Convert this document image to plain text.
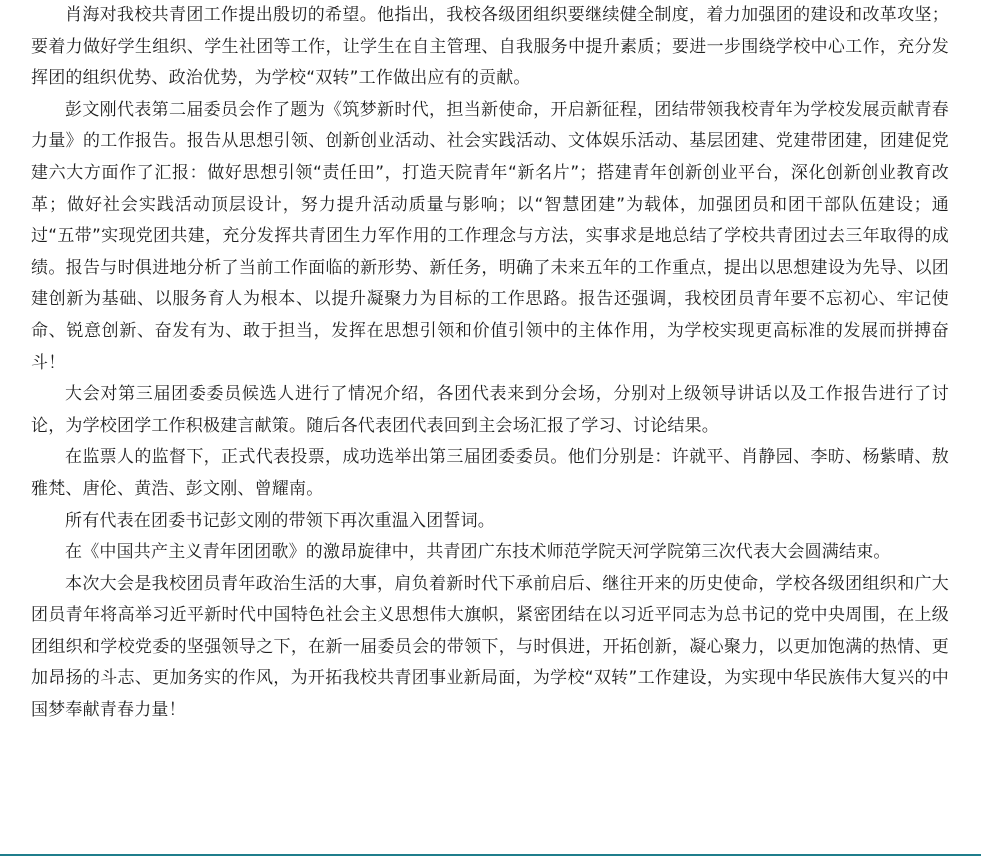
肖海对我校共青团工作提出殷切的希望。他指出，我校各级团组织要继续健全制度，着力加强团的建设和改革攻坚；要着力做好学生组织、学生社团等工作，让学生在自主管理、自我服务中提升素质；要进一步围绕学校中心工作，充分发挥团的组织优势、政治优势，为学校“双转”工作做出应有的贡献。

彭文刚代表第二届委员会作了题为《筑梦新时代，担当新使命，开启新征程，团结带领我校青年为学校发展贡献青春力量》的工作报告。报告从思想引领、创新创业活动、社会实践活动、文体娱乐活动、基层团建、党建带团建，团建促党建六大方面作了汇报：做好思想引领“责任田”，打造天院青年“新名片”；搭建青年创新创业平台，深化创新创业教育改革；做好社会实践活动顶层设计，努力提升活动质量与影响；以“智慧团建”为载体，加强团员和团干部队伍建设；通过“五带”实现党团共建，充分发挥共青团生力军作用的工作理念与方法，实事求是地总结了学校共青团过去三年取得的成绩。报告与时俱进地分析了当前工作面临的新形势、新任务，明确了未来五年的工作重点，提出以思想建设为先导、以团建创新为基础、以服务育人为根本、以提升凝聚力为目标的工作思路。报告还强调，我校团员青年要不忘初心、牢记使命、锐意创新、奋发有为、敢于担当，发挥在思想引领和价值引领中的主体作用，为学校实现更高标准的发展而拼搏奋斗！

大会对第三届团委委员候选人进行了情况介绍，各团代表来到分会场，分别对上级领导讲话以及工作报告进行了讨论，为学校团学工作积极建言献策。随后各代表团代表回到主会场汇报了学习、讨论结果。

在监票人的监督下，正式代表投票，成功选举出第三届团委委员。他们分别是：许就平、肖静园、李昉、杨紫晴、敖雅梵、唐伦、黄浩、彭文刚、曾耀南。

所有代表在团委书记彭文刚的带领下再次重温入团誓词。

在《中国共产主义青年团团歌》的激昂旋律中，共青团广东技术师范学院天河学院第三次代表大会圆满结束。

本次大会是我校团员青年政治生活的大事，肩负着新时代下承前启后、继往开来的历史使命，学校各级团组织和广大团员青年将高举习近平新时代中国特色社会主义思想伟大旗帜，紧密团结在以习近平同志为总书记的党中央周围，在上级团组织和学校党委的坚强领导之下，在新一届委员会的带领下，与时俱进，开拓创新，凝心聚力，以更加饱满的热情、更加昂扬的斗志、更加务实的作风，为开拓我校共青团事业新局面，为学校“双转”工作建设，为实现中华民族伟大复兴的中国梦奉献青春力量！
